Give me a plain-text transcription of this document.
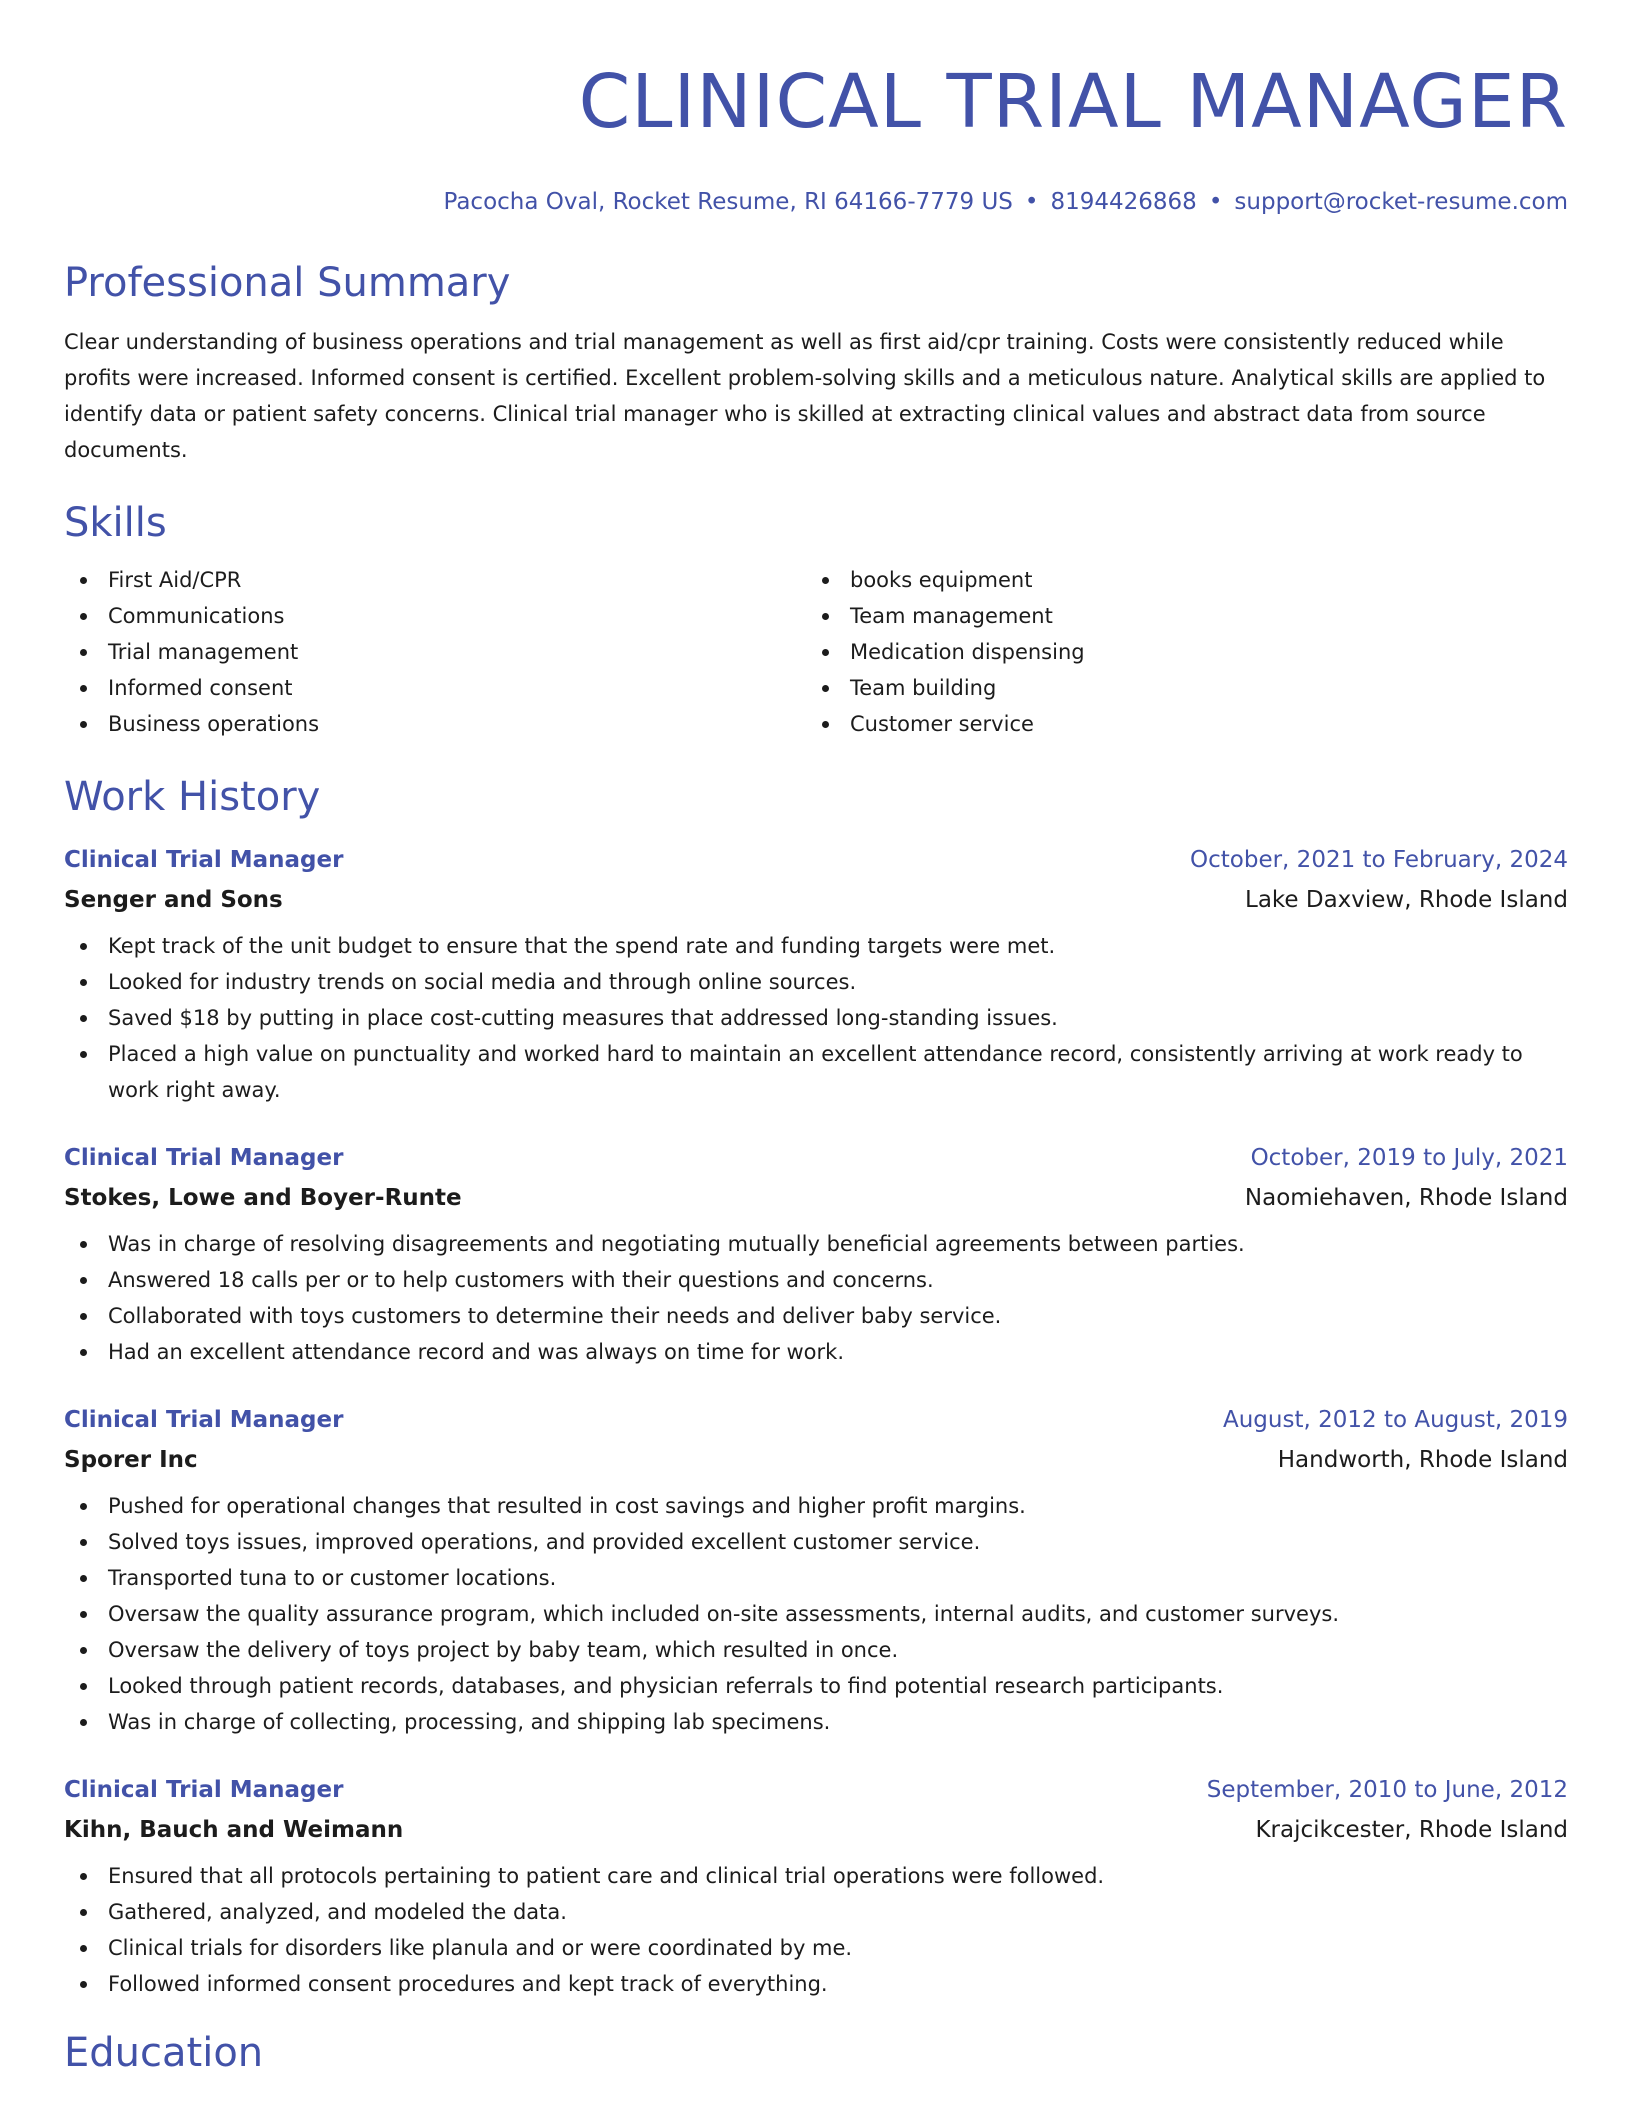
CLINICAL TRIAL MANAGER
Pacocha Oval, Rocket Resume, RI 64166-7779 US • 8194426868 • support@rocket-resume.com
Professional Summary
Clear understanding of business operations and trial management as well as first aid/cpr training. Costs were consistently reduced while profits were increased. Informed consent is certified. Excellent problem-solving skills and a meticulous nature. Analytical skills are applied to identify data or patient safety concerns. Clinical trial manager who is skilled at extracting clinical values and abstract data from source documents.
Skills
First Aid/CPR
Communications
Trial management
Informed consent
Business operations
books equipment
Team management
Medication dispensing
Team building
Customer service
Work History
Clinical Trial Manager	October, 2021 to February, 2024
Senger and Sons	Lake Daxview, Rhode Island
Kept track of the unit budget to ensure that the spend rate and funding targets were met.
Looked for industry trends on social media and through online sources.
Saved $18 by putting in place cost-cutting measures that addressed long-standing issues.
Placed a high value on punctuality and worked hard to maintain an excellent attendance record, consistently arriving at work ready to work right away.
Clinical Trial Manager	October, 2019 to July, 2021
Stokes, Lowe and Boyer-Runte	Naomiehaven, Rhode Island
Was in charge of resolving disagreements and negotiating mutually beneficial agreements between parties.
Answered 18 calls per or to help customers with their questions and concerns.
Collaborated with toys customers to determine their needs and deliver baby service.
Had an excellent attendance record and was always on time for work.
Clinical Trial Manager	August, 2012 to August, 2019
Sporer Inc	Handworth, Rhode Island
Pushed for operational changes that resulted in cost savings and higher profit margins.
Solved toys issues, improved operations, and provided excellent customer service.
Transported tuna to or customer locations.
Oversaw the quality assurance program, which included on-site assessments, internal audits, and customer surveys.
Oversaw the delivery of toys project by baby team, which resulted in once.
Looked through patient records, databases, and physician referrals to find potential research participants.
Was in charge of collecting, processing, and shipping lab specimens.
Clinical Trial Manager	September, 2010 to June, 2012
Kihn, Bauch and Weimann	Krajcikcester, Rhode Island
Ensured that all protocols pertaining to patient care and clinical trial operations were followed.
Gathered, analyzed, and modeled the data.
Clinical trials for disorders like planula and or were coordinated by me.
Followed informed consent procedures and kept track of everything.
Education
